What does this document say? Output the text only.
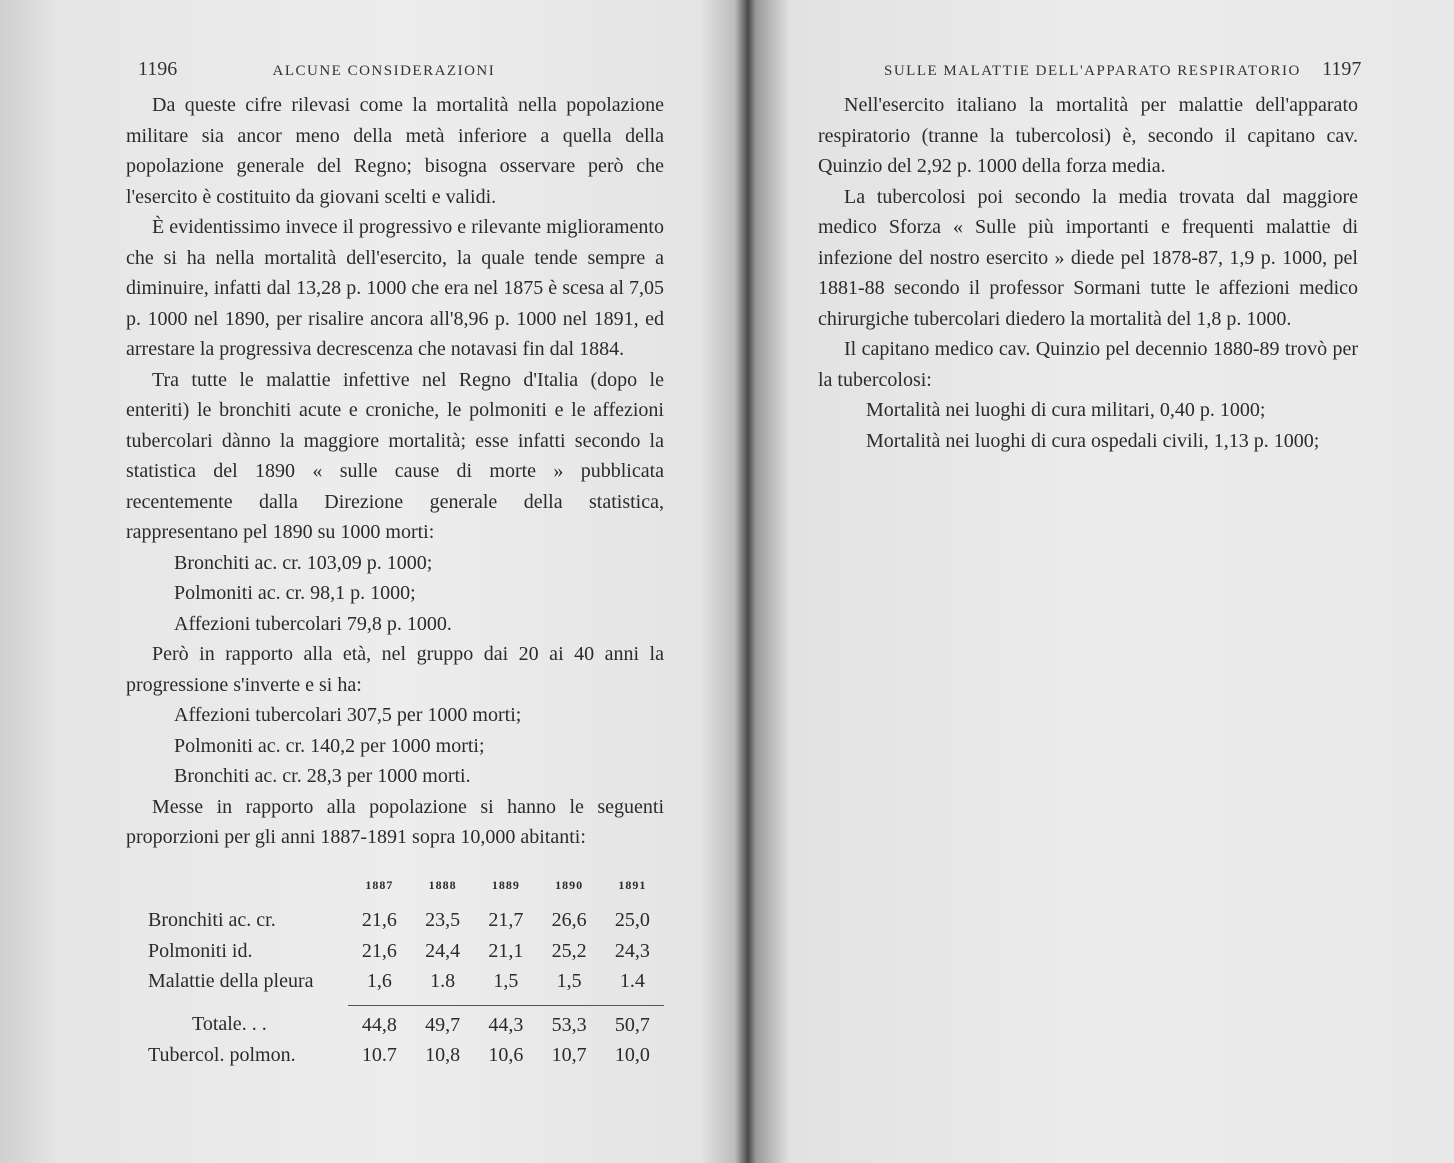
1196	ALCUNE CONSIDERAZIONI

Da queste cifre rilevasi come la mortalità nella popolazione militare sia ancor meno della metà inferiore a quella della popolazione generale del Regno; bisogna osservare però che l'esercito è costituito da giovani scelti e validi.

È evidentissimo invece il progressivo e rilevante miglioramento che si ha nella mortalità dell'esercito, la quale tende sempre a diminuire, infatti dal 13,28 p. 1000 che era nel 1875 è scesa al 7,05 p. 1000 nel 1890, per risalire ancora all'8,96 p. 1000 nel 1891, ed arrestare la progressiva decrescenza che notavasi fin dal 1884.

Tra tutte le malattie infettive nel Regno d'Italia (dopo le enteriti) le bronchiti acute e croniche, le polmoniti e le affezioni tubercolari dànno la maggiore mortalità; esse infatti secondo la statistica del 1890 « sulle cause di morte » pubblicata recentemente dalla Direzione generale della statistica, rappresentano pel 1890 su 1000 morti:

Bronchiti ac. cr. 103,09 p. 1000;
Polmoniti ac. cr. 98,1 p. 1000;
Affezioni tubercolari 79,8 p. 1000.

Però in rapporto alla età, nel gruppo dai 20 ai 40 anni la progressione s'inverte e si ha:

Affezioni tubercolari 307,5 per 1000 morti;
Polmoniti ac. cr. 140,2 per 1000 morti;
Bronchiti ac. cr. 28,3 per 1000 morti.

Messe in rapporto alla popolazione si hanno le seguenti proporzioni per gli anni 1887-1891 sopra 10,000 abitanti:

	1887	1888	1889	1890	1891
Bronchiti ac. cr.	21,6	23,5	21,7	26,6	25,0
Polmoniti id.	21,6	24,4	21,1	25,2	24,3
Malattie della pleura	1,6	1.8	1,5	1,5	1.4

Totale. . .	44,8	49,7	44,3	53,3	50,7
Tubercol. polmon.	10.7	10,8	10,6	10,7	10,0
SULLE MALATTIE DELL'APPARATO RESPIRATORIO 1197

Nell'esercito italiano la mortalità per malattie dell'apparato respiratorio (tranne la tubercolosi) è, secondo il capitano cav. Quinzio del 2,92 p. 1000 della forza media.

La tubercolosi poi secondo la media trovata dal maggiore medico Sforza « Sulle più importanti e frequenti malattie di infezione del nostro esercito » diede pel 1878-87, 1,9 p. 1000, pel 1881-88 secondo il professor Sormani tutte le affezioni medico chirurgiche tubercolari diedero la mortalità del 1,8 p. 1000.

Il capitano medico cav. Quinzio pel decennio 1880-89 trovò per la tubercolosi:

Mortalità nei luoghi di cura militari, 0,40 p. 1000;
Mortalità nei luoghi di cura ospedali civili, 1,13 p. 1000;
